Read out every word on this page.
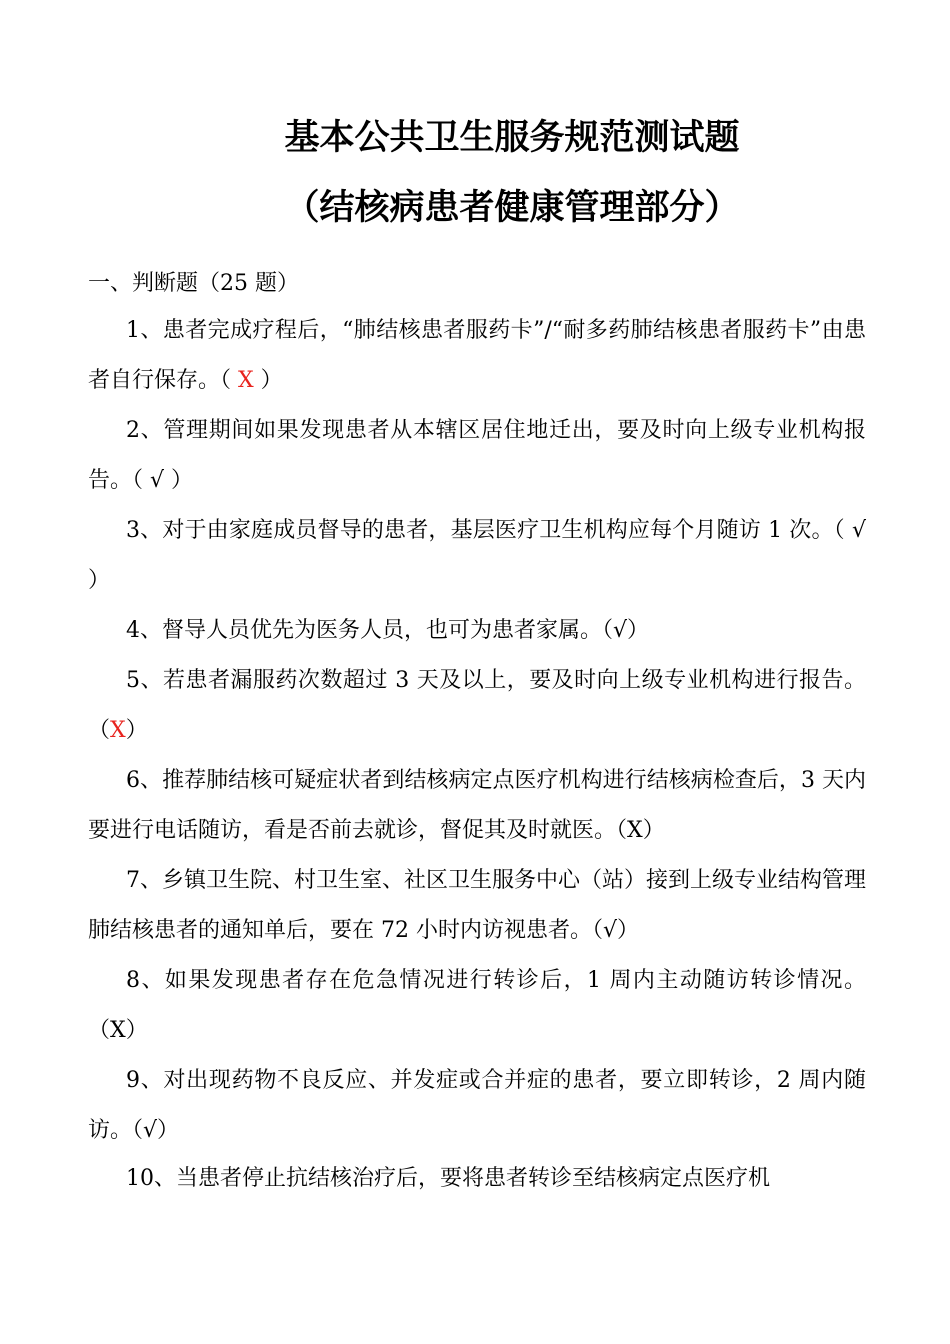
基本公共卫生服务规范测试题
（结核病患者健康管理部分）
一、判断题（25 题）
1、患者完成疗程后，“肺结核患者服药卡”/“耐多药肺结核患者服药卡”由患者自行保存。（ X ）
2、管理期间如果发现患者从本辖区居住地迁出，要及时向上级专业机构报告。（ √ ）
3、对于由家庭成员督导的患者，基层医疗卫生机构应每个月随访 1 次。（ √ ）
4、督导人员优先为医务人员，也可为患者家属。（√）
5、若患者漏服药次数超过 3 天及以上，要及时向上级专业机构进行报告。（X）
6、推荐肺结核可疑症状者到结核病定点医疗机构进行结核病检查后，3 天内要进行电话随访，看是否前去就诊，督促其及时就医。（X）
7、乡镇卫生院、村卫生室、社区卫生服务中心（站）接到上级专业结构管理肺结核患者的通知单后，要在 72 小时内访视患者。（√）
8、如果发现患者存在危急情况进行转诊后，1 周内主动随访转诊情况。（X）
9、对出现药物不良反应、并发症或合并症的患者，要立即转诊，2 周内随访。（√）
10、当患者停止抗结核治疗后，要将患者转诊至结核病定点医疗机
